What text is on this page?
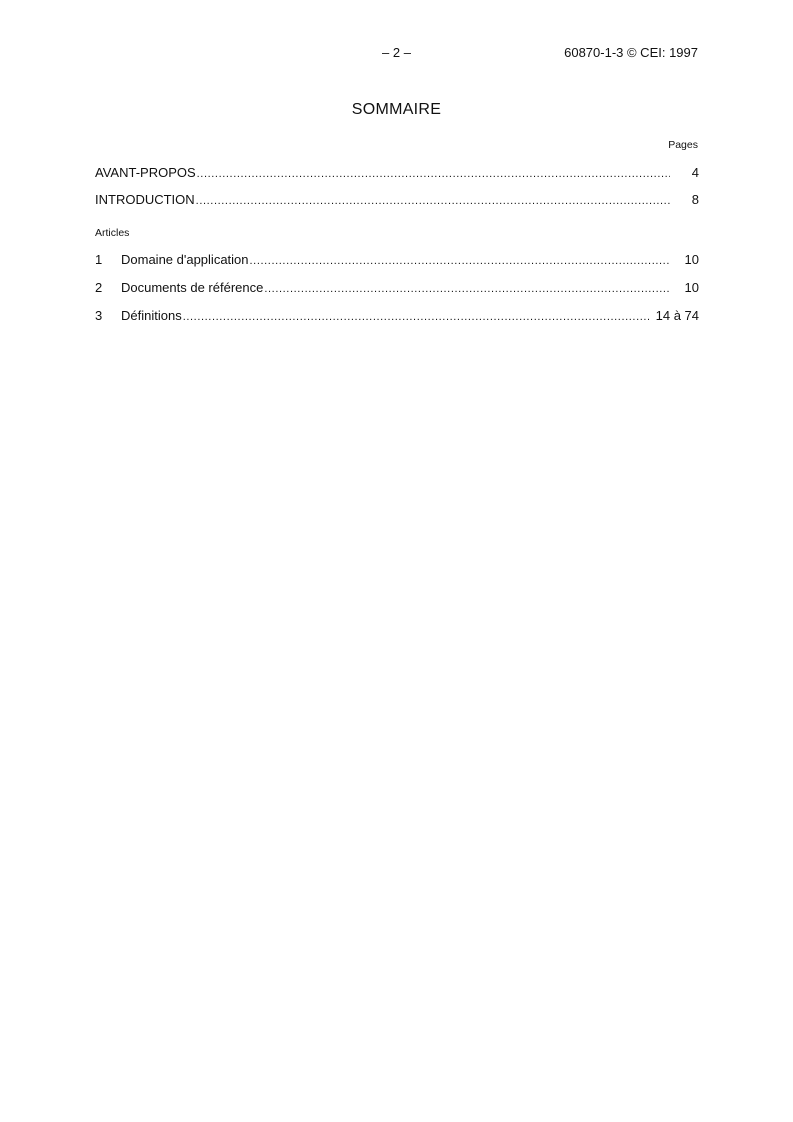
– 2 –	60870-1-3 © CEI: 1997
SOMMAIRE
Pages
AVANT-PROPOS .....	4
INTRODUCTION .....	8
Articles
1	Domaine d'application .....	10
2	Documents de référence .....	10
3	Définitions .....	14 à 74
